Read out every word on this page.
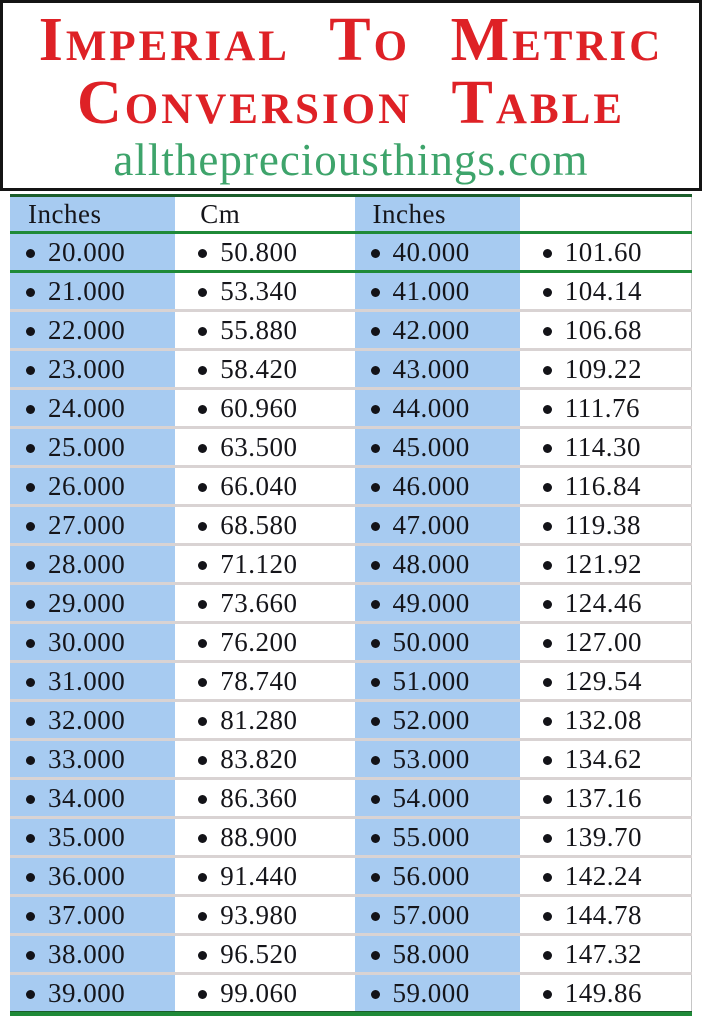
Imperial To Metric
Conversion Table
allthepreciousthings.com
Inches	Cm	Inches
20.000	50.800	40.000	101.60
21.000	53.340	41.000	104.14
22.000	55.880	42.000	106.68
23.000	58.420	43.000	109.22
24.000	60.960	44.000	111.76
25.000	63.500	45.000	114.30
26.000	66.040	46.000	116.84
27.000	68.580	47.000	119.38
28.000	71.120	48.000	121.92
29.000	73.660	49.000	124.46
30.000	76.200	50.000	127.00
31.000	78.740	51.000	129.54
32.000	81.280	52.000	132.08
33.000	83.820	53.000	134.62
34.000	86.360	54.000	137.16
35.000	88.900	55.000	139.70
36.000	91.440	56.000	142.24
37.000	93.980	57.000	144.78
38.000	96.520	58.000	147.32
39.000	99.060	59.000	149.86
